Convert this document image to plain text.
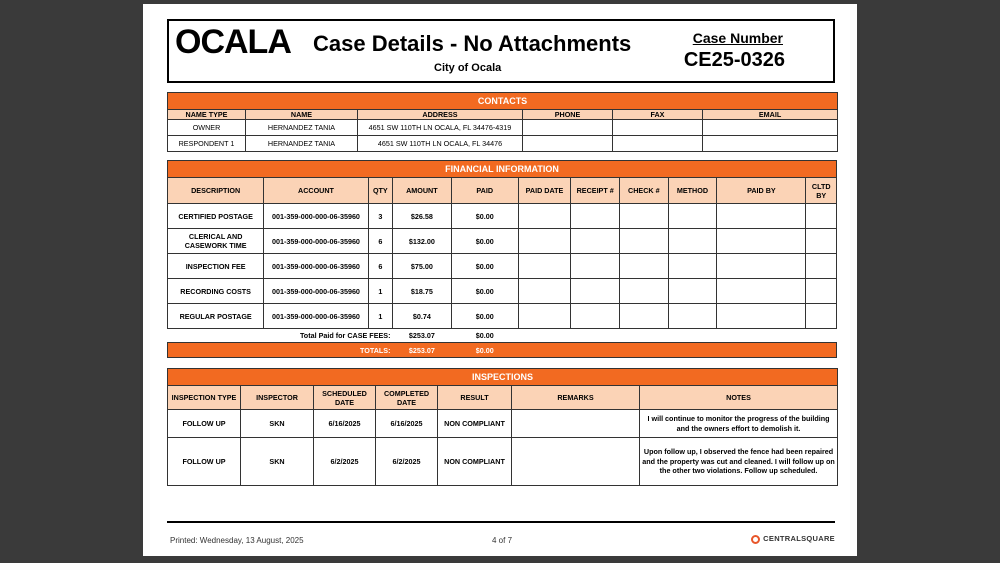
OCALA Case Details - No Attachments
City of Ocala
Case Number
CE25-0326
CONTACTS					
NAME TYPE	NAME	ADDRESS	PHONE	FAX	EMAIL
OWNER	HERNANDEZ TANIA	4651 SW 110TH LN OCALA, FL 34476-4319			
RESPONDENT 1	HERNANDEZ TANIA	4651 SW 110TH LN OCALA, FL 34476			
FINANCIAL INFORMATION										
DESCRIPTION	ACCOUNT	QTY	AMOUNT	PAID	PAID DATE	RECEIPT #	CHECK #	METHOD	PAID BY	CLTD BY
CERTIFIED POSTAGE	001-359-000-000-06-35960	3	$26.58	$0.00						
CLERICAL AND CASEWORK TIME	001-359-000-000-06-35960	6	$132.00	$0.00						
INSPECTION FEE	001-359-000-000-06-35960	6	$75.00	$0.00						
RECORDING COSTS	001-359-000-000-06-35960	1	$18.75	$0.00						
REGULAR POSTAGE	001-359-000-000-06-35960	1	$0.74	$0.00						
Total Paid for CASE FEES:			$253.07	$0.00						
TOTALS:			$253.07	$0.00						
INSPECTIONS						
INSPECTION TYPE	INSPECTOR	SCHEDULED DATE	COMPLETED DATE	RESULT	REMARKS	NOTES
FOLLOW UP	SKN	6/16/2025	6/16/2025	NON COMPLIANT		I will continue to monitor the progress of the building and the owners effort to demolish it.
FOLLOW UP	SKN	6/2/2025	6/2/2025	NON COMPLIANT		Upon follow up, I observed the fence had been repaired and the property was cut and cleaned. I will follow up on the other two violations. Follow up scheduled.
Printed: Wednesday, 13 August, 2025	4 of 7	CENTRALSQUARE
